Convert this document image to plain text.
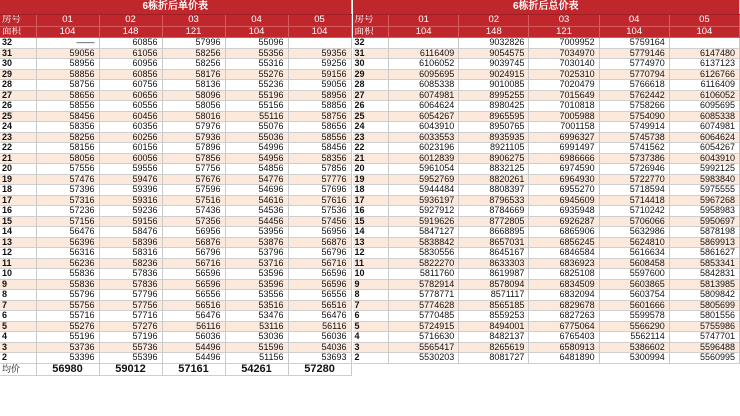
6栋折后单价表					
房号	01	02	03	04	05
面积	104	148	121	104	104
32	——	60856	57996	55096	
31	59056	61056	58256	55356	59356
30	58956	60956	58256	55316	59256
29	58856	60856	58176	55276	59156
28	58756	60756	58136	55236	59056
27	58656	60656	58096	55196	58956
26	58556	60556	58056	55156	58856
25	58456	60456	58016	55116	58756
24	58356	60356	57976	55076	58656
23	58256	60256	57936	55036	58556
22	58156	60156	57896	54996	58456
21	58056	60056	57856	54956	58356
20	57556	59556	57756	54856	57856
19	57476	59476	57676	54776	57776
18	57396	59396	57596	54696	57696
17	57316	59316	57516	54616	57616
16	57236	59236	57436	54536	57536
15	57156	59156	57356	54456	57456
14	56476	58476	56956	53956	56956
13	56396	58396	56876	53876	56876
12	56316	58316	56796	53796	56796
11	56236	58236	56716	53716	56716
10	55836	57836	56596	53596	56596
9	55836	57836	56596	53596	56596
8	55796	57796	56556	53556	56556
7	55756	57756	56516	53516	56516
6	55716	57716	56476	53476	56476
5	55276	57276	56116	53116	56116
4	55196	57196	56036	53036	56036
3	53736	55736	54496	51596	54036
2	53396	55396	54496	51156	53693
均价	56980	59012	57161	54261	57280
6栋折后总价表					
房号	01	02	03	04	05
面积	104	148	121	104	104
32		9032826	7009952	5759164	
31	6116409	9054575	7034970	5779146	6147480
30	6106052	9039745	7030140	5774970	6137123
29	6095695	9024915	7025310	5770794	6126766
28	6085338	9010085	7020479	5766618	6116409
27	6074981	8995255	7015649	5762442	6106052
26	6064624	8980425	7010818	5758266	6095695
25	6054267	8965595	7005988	5754090	6085338
24	6043910	8950765	7001158	5749914	6074981
23	6033553	8935935	6996327	5745738	6064624
22	6023196	8921105	6991497	5741562	6054267
21	6012839	8906275	6986666	5737386	6043910
20	5961054	8832125	6974590	5726946	5992125
19	5952769	8820261	6964930	5722770	5983840
18	5944484	8808397	6955270	5718594	5975555
17	5936197	8796533	6945609	5714418	5967268
16	5927912	8784669	6935948	5710242	5958983
15	5919626	8772805	6926287	5706066	5950697
14	5847127	8668895	6865906	5632986	5878198
13	5838842	8657031	6856245	5624810	5869913
12	5830556	8645167	6846584	5616634	5861627
11	5822270	8633303	6836923	5608458	5853341
10	5811760	8619987	6825108	5597600	5842831
9	5782914	8578094	6834509	5603865	5813985
8	5778771	8571117	6832094	5603754	5809842
7	5774628	8565185	6829678	5601666	5805699
6	5770485	8559253	6827263	5599578	5801556
5	5724915	8494001	6775064	5566290	5755986
4	5716630	8482137	6765403	5562114	5747701
3	5565417	8265619	6580913	5386602	5596488
2	5530203	8081727	6481890	5300994	5560995
